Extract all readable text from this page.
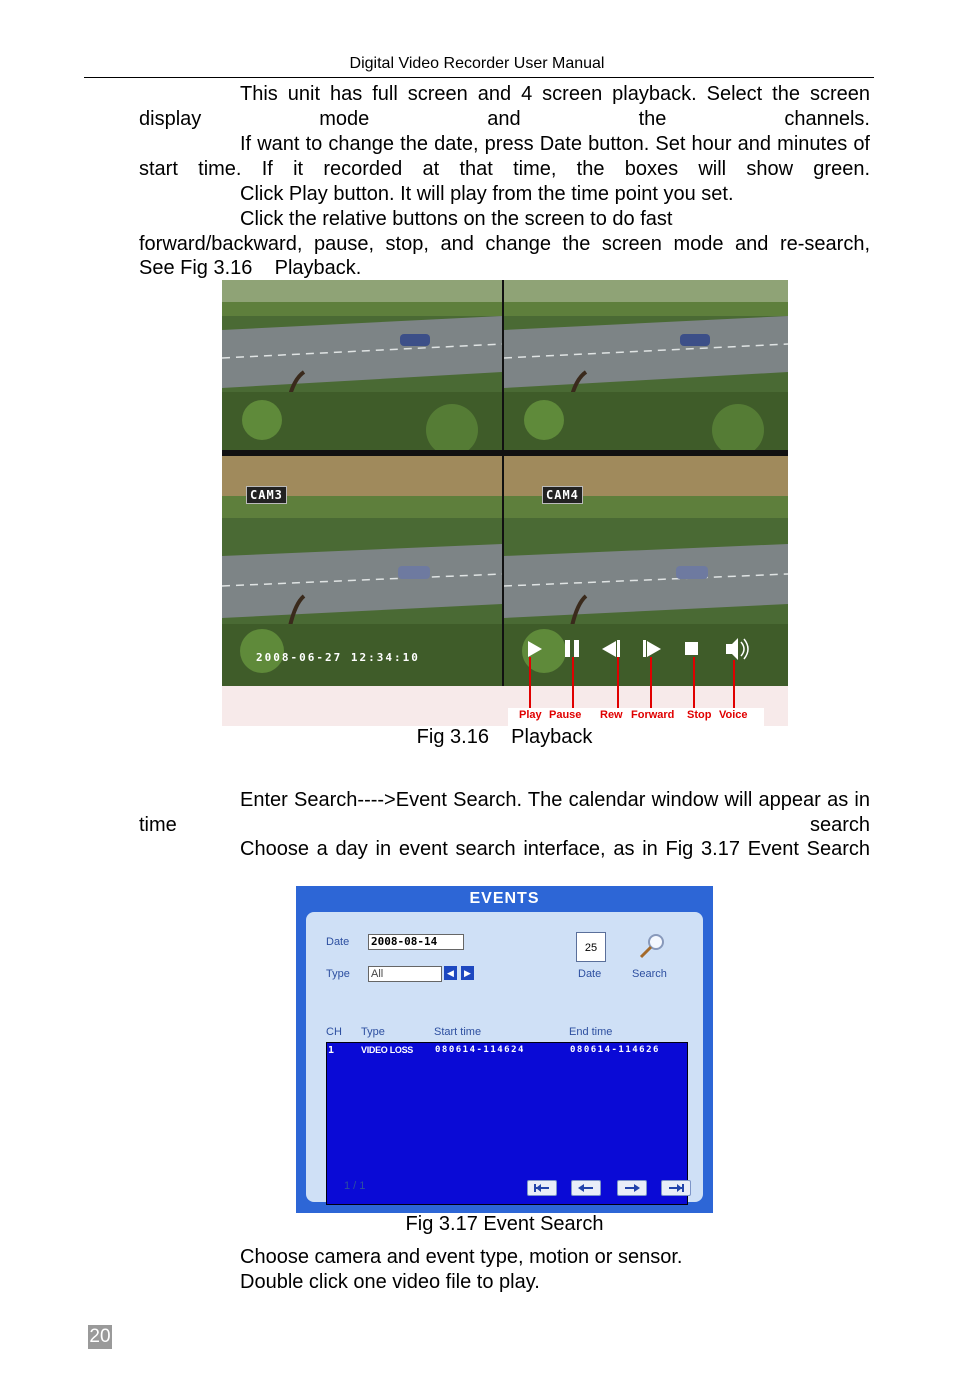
Digital Video Recorder User Manual
This unit has full screen and 4 screen playback. Select the screen display mode and the channels.
If want to change the date, press Date button. Set hour and minutes of start time. If it recorded at that time, the boxes will show green.
Click Play button. It will play from the time point you set.
Click the relative buttons on the screen to do fast
forward/backward, pause, stop, and change the screen mode and re-search,
See Fig 3.16    Playback.
CAM3
2008-06-27 12:34:10
CAM4
Play Pause Rew Forward Stop Voice
Fig 3.16    Playback
Enter Search---->Event Search. The calendar window will appear as in time search
Choose a day in event search interface, as in Fig 3.17 Event Search
EVENTS
Date 2008-08-14
Type All	◀	▶
25
Date	Search
CH Type	Start time	End time
1	VIDEO LOSS 080614-114624	080614-114626
1 / 1
Fig 3.17 Event Search
Choose camera and event type, motion or sensor.
Double click one video file to play.
20
